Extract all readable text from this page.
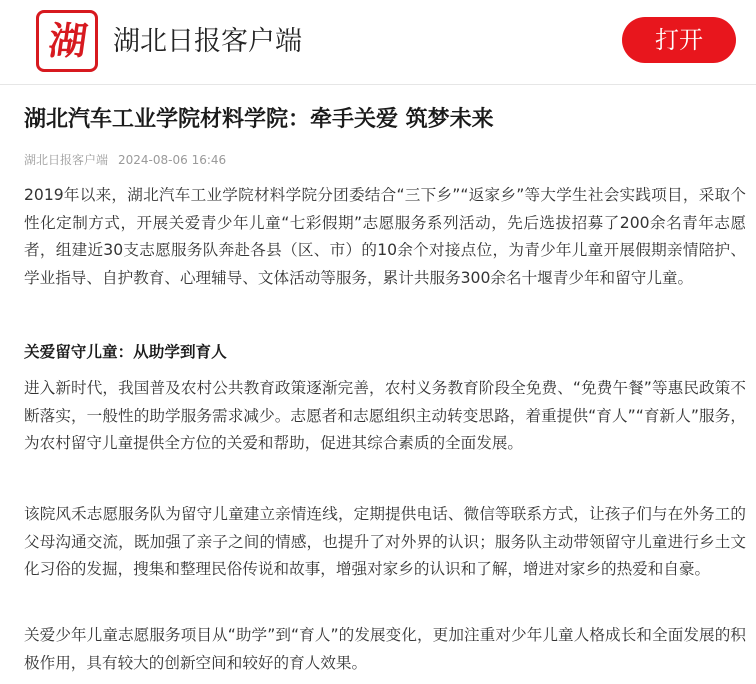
湖 湖北日报客户端	打开
湖北汽车工业学院材料学院：牵手关爱 筑梦未来
湖北日报客户端 2024-08-06 16:46
2019年以来，湖北汽车工业学院材料学院分团委结合“三下乡”“返家乡”等大学生社会实践项目，采取个性化定制方式，开展关爱青少年儿童“七彩假期”志愿服务系列活动，先后选拔招募了200余名青年志愿者，组建近30支志愿服务队奔赴各县（区、市）的10余个对接点位，为青少年儿童开展假期亲情陪护、学业指导、自护教育、心理辅导、文体活动等服务，累计共服务300余名十堰青少年和留守儿童。
关爱留守儿童：从助学到育人
进入新时代，我国普及农村公共教育政策逐渐完善，农村义务教育阶段全免费、“免费午餐”等惠民政策不断落实，一般性的助学服务需求减少。志愿者和志愿组织主动转变思路，着重提供“育人”“育新人”服务，为农村留守儿童提供全方位的关爱和帮助，促进其综合素质的全面发展。
该院风禾志愿服务队为留守儿童建立亲情连线，定期提供电话、微信等联系方式，让孩子们与在外务工的父母沟通交流，既加强了亲子之间的情感，也提升了对外界的认识；服务队主动带领留守儿童进行乡土文化习俗的发掘，搜集和整理民俗传说和故事，增强对家乡的认识和了解，增进对家乡的热爱和自豪。
关爱少年儿童志愿服务项目从“助学”到“育人”的发展变化，更加注重对少年儿童人格成长和全面发展的积极作用，具有较大的创新空间和较好的育人效果。
